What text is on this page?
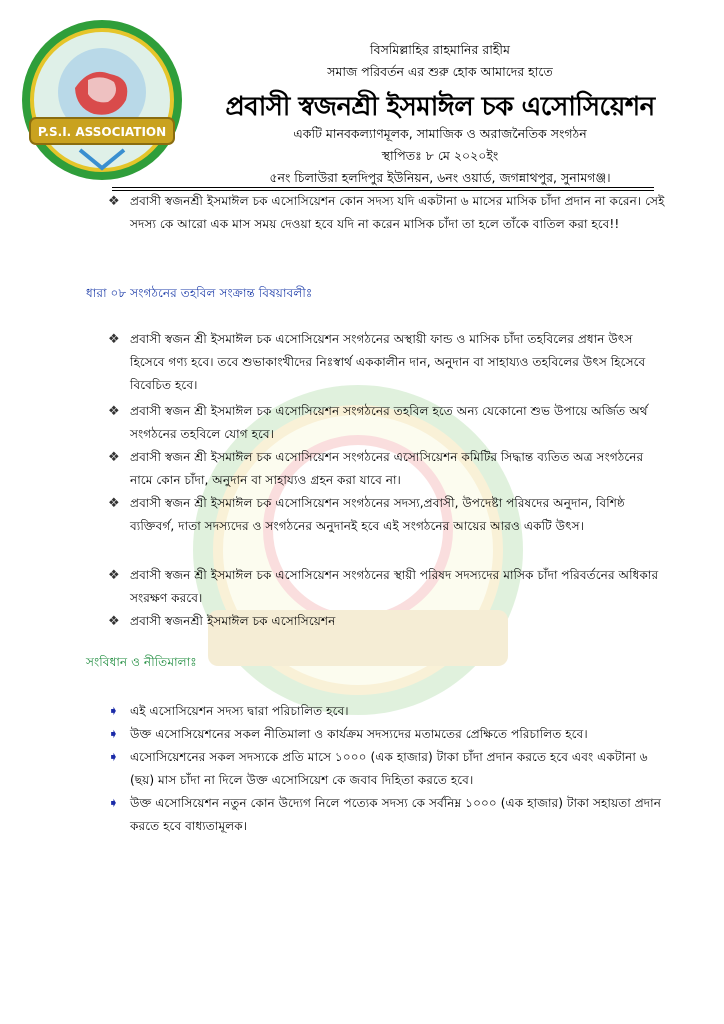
P.S.I. ASSOCIATION
বিসমিল্লাহির রাহমানির রাহীম
সমাজ পরিবর্তন এর শুরু হোক আমাদের হাতে
প্রবাসী স্বজনশ্রী ইসমাঈল চক এসোসিয়েশন
একটি মানবকল্যাণমূলক, সামাজিক ও অরাজনৈতিক সংগঠন
স্থাপিতঃ ৮ মে ২০২০ইং
৫নং চিলাউরা হলদিপুর ইউনিয়ন, ৬নং ওয়ার্ড, জগন্নাথপুর, সুনামগঞ্জ।
❖ প্রবাসী স্বজনশ্রী ইসমাঈল চক এসোসিয়েশন কোন সদস্য যদি একটানা ৬ মাসের মাসিক চাঁদা প্রদান না করেন। সেই সদস্য কে আরো এক মাস সময় দেওয়া হবে যদি না করেন মাসিক চাঁদা তা হলে তাঁকে বাতিল করা হবে!!
ধারা ০৮ সংগঠনের তহবিল সংক্রান্ত বিষয়াবলীঃ
❖ প্রবাসী স্বজন শ্রী ইসমাঈল চক এসোসিয়েশন সংগঠনের অস্থায়ী ফান্ড ও মাসিক চাঁদা তহবিলের প্রধান উৎস হিসেবে গণ্য হবে। তবে শুভাকাংখীদের নিঃস্বার্থ এককালীন দান, অনুদান বা সাহায্যও তহবিলের উৎস হিসেবে বিবেচিত হবে।
❖ প্রবাসী স্বজন শ্রী ইসমাঈল চক এসোসিয়েশন সংগঠনের তহবিল হতে অন্য যেকোনো শুভ উপায়ে অর্জিত অর্থ সংগঠনের তহবিলে যোগ হবে।
❖ প্রবাসী স্বজন শ্রী ইসমাঈল চক এসোসিয়েশন সংগঠনের এসোসিয়েশন কমিটির সিদ্ধান্ত ব্যতিত অত্র সংগঠনের নামে কোন চাঁদা, অনুদান বা সাহায্যও গ্রহন করা যাবে না।
❖ প্রবাসী স্বজন শ্রী ইসমাঈল চক এসোসিয়েশন সংগঠনের সদস্য,প্রবাসী, উপদেষ্টা পরিষদের অনুদান, বিশিষ্ঠ ব্যক্তিবর্গ, দাতা সদস্যদের ও সংগঠনের অনুদানই হবে এই সংগঠনের আয়ের আরও একটি উৎস।
❖ প্রবাসী স্বজন শ্রী ইসমাঈল চক এসোসিয়েশন সংগঠনের স্থায়ী পরিষদ সদস্যদের মাসিক চাঁদা পরিবর্তনের অধিকার সংরক্ষণ করবে।
❖ প্রবাসী স্বজনশ্রী ইসমাঈল চক এসোসিয়েশন
সংবিধান ও নীতিমালাঃ
➧ এই এসোসিয়েশন সদস্য দ্বারা পরিচালিত হবে।
➧ উক্ত এসোসিয়েশনের সকল নীতিমালা ও কার্যক্রম সদস্যদের মতামতের প্রেক্ষিতে পরিচালিত হবে।
➧ এসোসিয়েশনের সকল সদস্যকে প্রতি মাসে ১০০০ (এক হাজার) টাকা চাঁদা প্রদান করতে হবে এবং একটানা ৬ (ছয়) মাস চাঁদা না দিলে উক্ত এসোসিয়েশ কে জবাব দিহিতা করতে হবে।
➧ উক্ত এসোসিয়েশন নতুন কোন উদ্যেগ নিলে পত্যেক সদস্য কে সর্বনিম্ন ১০০০ (এক হাজার) টাকা সহায়তা প্রদান করতে হবে বাধ্যতামূলক।
